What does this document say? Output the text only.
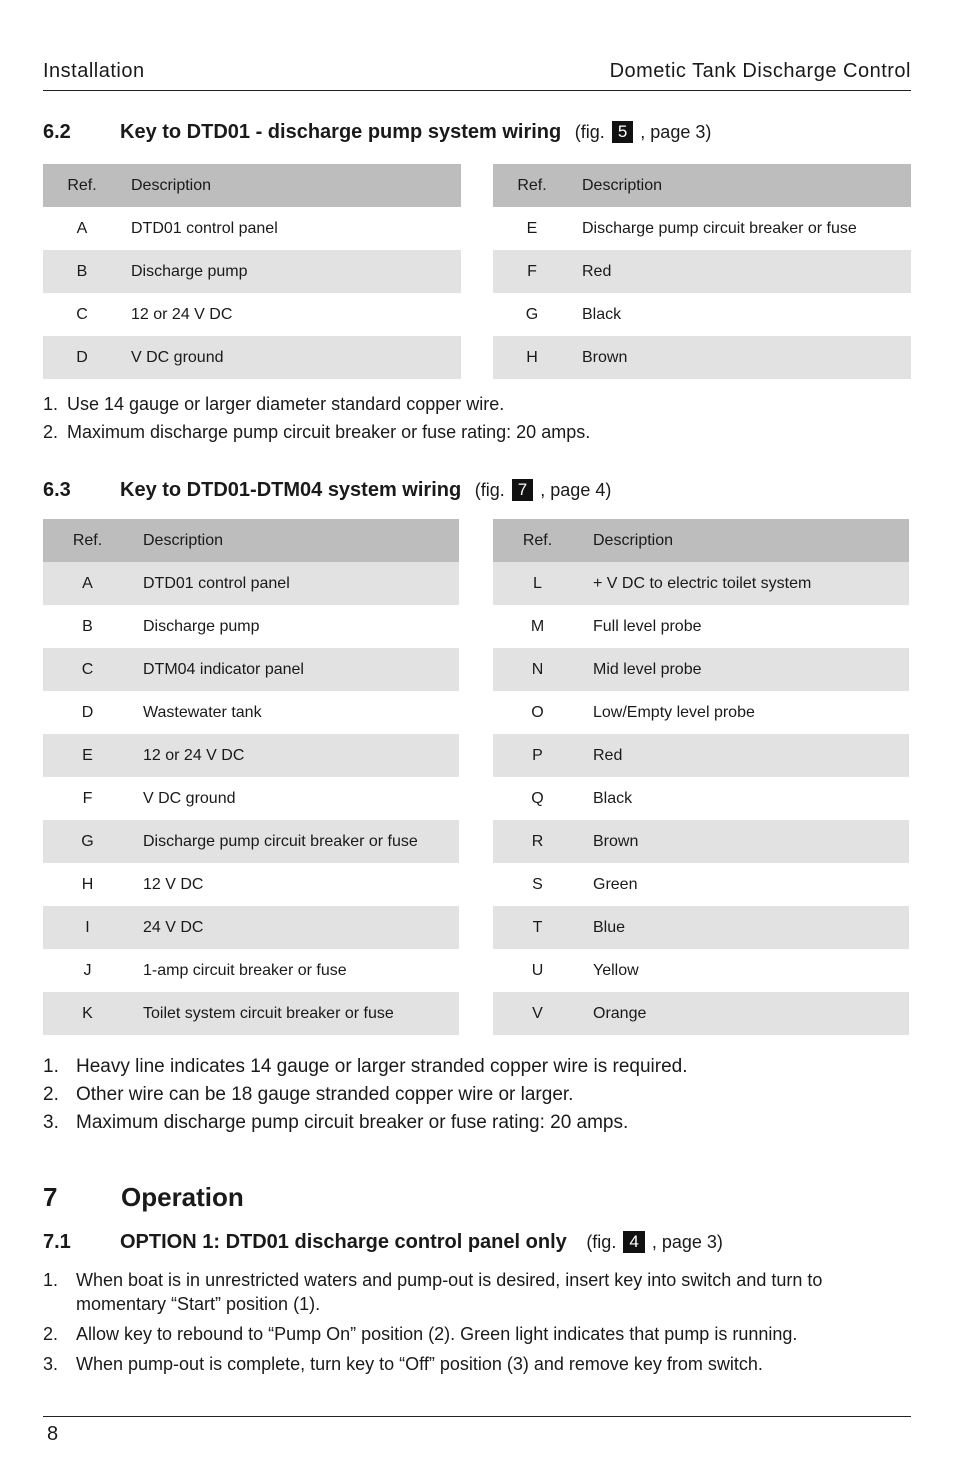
Installation	Dometic Tank Discharge Control
6.2 Key to DTD01 - discharge pump system wiring (fig. 5 , page 3)
Ref.	Description
A	DTD01 control panel
B	Discharge pump
C	12 or 24 V DC
D	V DC ground
Ref.	Description
E	Discharge pump circuit breaker or fuse
F	Red
G	Black
H	Brown
1. Use 14 gauge or larger diameter standard copper wire.
2. Maximum discharge pump circuit breaker or fuse rating: 20 amps.
6.3 Key to DTD01-DTM04 system wiring (fig. 7 , page 4)
Ref.	Description
A	DTD01 control panel
B	Discharge pump
C	DTM04 indicator panel
D	Wastewater tank
E	12 or 24 V DC
F	V DC ground
G	Discharge pump circuit breaker or fuse
H	12 V DC
I	24 V DC
J	1-amp circuit breaker or fuse
K	Toilet system circuit breaker or fuse
Ref.	Description
L	+ V DC to electric toilet system
M	Full level probe
N	Mid level probe
O	Low/Empty level probe
P	Red
Q	Black
R	Brown
S	Green
T	Blue
U	Yellow
V	Orange
1. Heavy line indicates 14 gauge or larger stranded copper wire is required.
2. Other wire can be 18 gauge stranded copper wire or larger.
3. Maximum discharge pump circuit breaker or fuse rating: 20 amps.
7 Operation
7.1 OPTION 1: DTD01 discharge control panel only (fig. 4 , page 3)
1. When boat is in unrestricted waters and pump-out is desired, insert key into switch and turn to momentary “Start” position (1).
2. Allow key to rebound to “Pump On” position (2). Green light indicates that pump is running.
3. When pump-out is complete, turn key to “Off” position (3) and remove key from switch.
8
